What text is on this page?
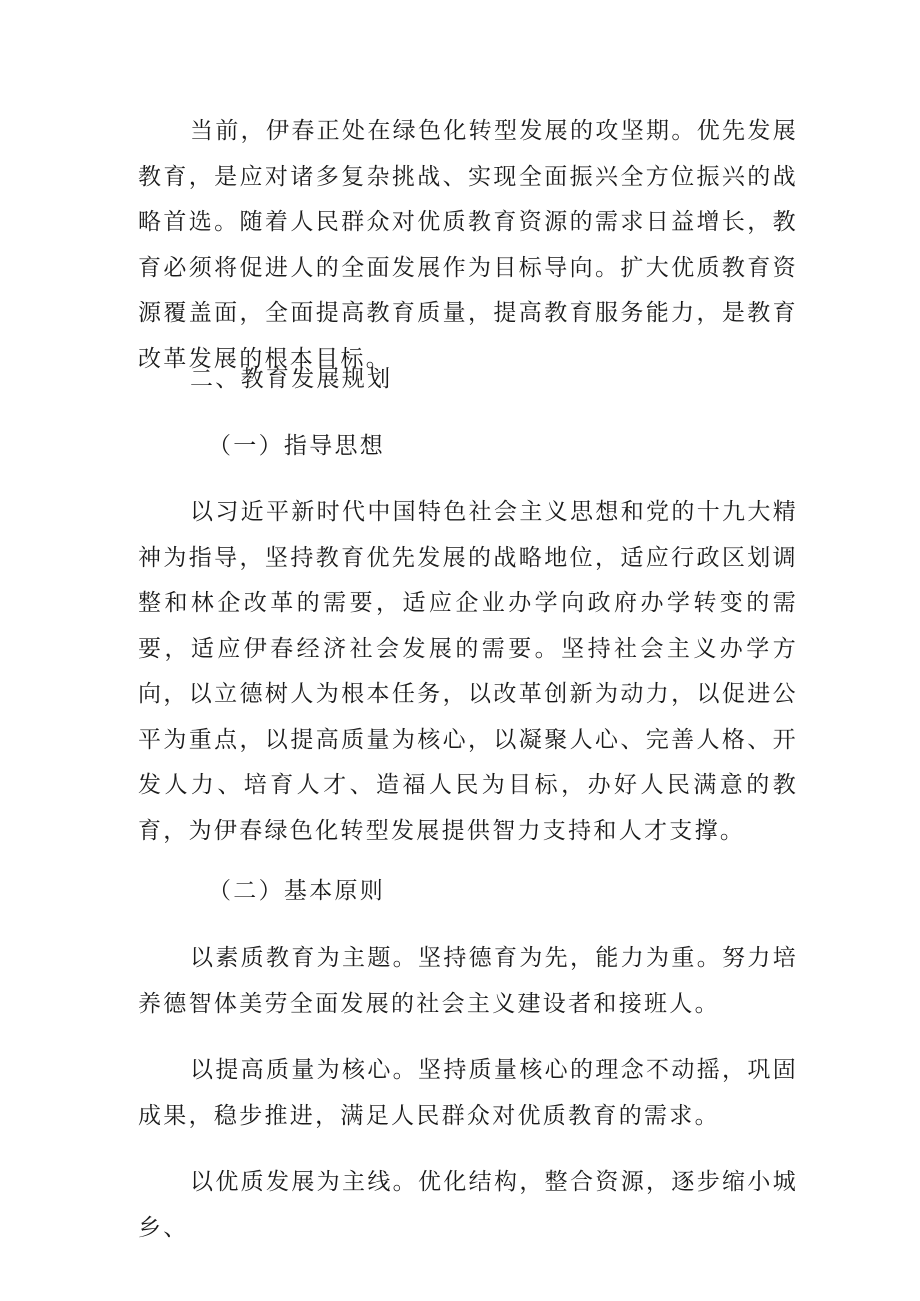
当前，伊春正处在绿色化转型发展的攻坚期。优先发展教育，是应对诸多复杂挑战、实现全面振兴全方位振兴的战略首选。随着人民群众对优质教育资源的需求日益增长，教育必须将促进人的全面发展作为目标导向。扩大优质教育资源覆盖面，全面提高教育质量，提高教育服务能力，是教育改革发展的根本目标。

二、教育发展规划

（一）指导思想

以习近平新时代中国特色社会主义思想和党的十九大精神为指导，坚持教育优先发展的战略地位，适应行政区划调整和林企改革的需要，适应企业办学向政府办学转变的需要，适应伊春经济社会发展的需要。坚持社会主义办学方向，以立德树人为根本任务，以改革创新为动力，以促进公平为重点，以提高质量为核心，以凝聚人心、完善人格、开发人力、培育人才、造福人民为目标，办好人民满意的教育，为伊春绿色化转型发展提供智力支持和人才支撑。

（二）基本原则

以素质教育为主题。坚持德育为先，能力为重。努力培养德智体美劳全面发展的社会主义建设者和接班人。

以提高质量为核心。坚持质量核心的理念不动摇，巩固成果，稳步推进，满足人民群众对优质教育的需求。

以优质发展为主线。优化结构，整合资源，逐步缩小城乡、
